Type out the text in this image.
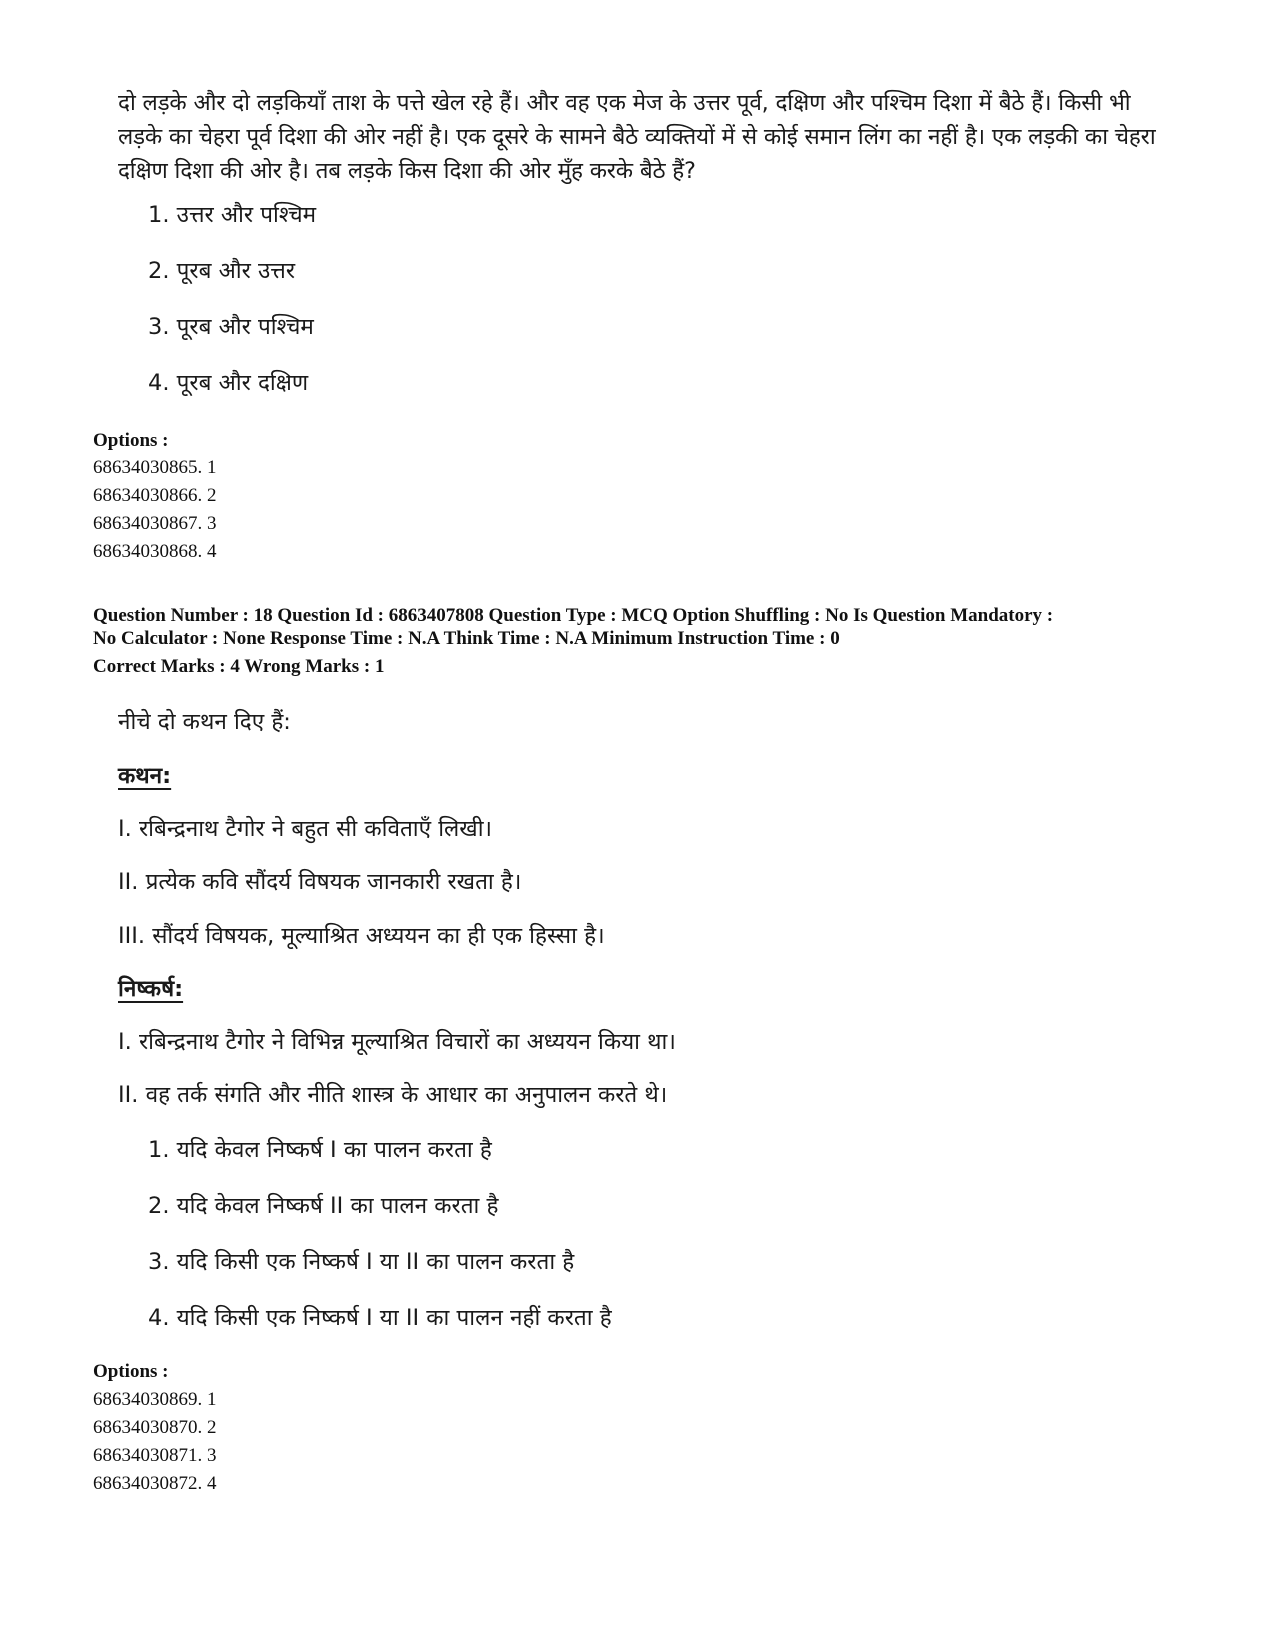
दो लड़के और दो लड़कियाँ ताश के पत्ते खेल रहे हैं। और वह एक मेज के उत्तर पूर्व, दक्षिण और पश्चिम दिशा में बैठे हैं। किसी भी लड़के का चेहरा पूर्व दिशा की ओर नहीं है। एक दूसरे के सामने बैठे व्यक्तियों में से कोई समान लिंग का नहीं है। एक लड़की का चेहरा दक्षिण दिशा की ओर है। तब लड़के किस दिशा की ओर मुँह करके बैठे हैं?
1. उत्तर और पश्चिम
2. पूरब और उत्तर
3. पूरब और पश्चिम
4. पूरब और दक्षिण
Options :
68634030865. 1
68634030866. 2
68634030867. 3
68634030868. 4
Question Number : 18 Question Id : 6863407808 Question Type : MCQ Option Shuffling : No Is Question Mandatory :
No Calculator : None Response Time : N.A Think Time : N.A Minimum Instruction Time : 0
Correct Marks : 4 Wrong Marks : 1
नीचे दो कथन दिए हैं:
कथन:
I. रबिन्द्रनाथ टैगोर ने बहुत सी कविताएँ लिखी।
II. प्रत्येक कवि सौंदर्य विषयक जानकारी रखता है।
III. सौंदर्य विषयक, मूल्याश्रित अध्ययन का ही एक हिस्सा है।
निष्कर्ष:
I. रबिन्द्रनाथ टैगोर ने विभिन्न मूल्याश्रित विचारों का अध्ययन किया था।
II. वह तर्क संगति और नीति शास्त्र के आधार का अनुपालन करते थे।
1. यदि केवल निष्कर्ष I का पालन करता है
2. यदि केवल निष्कर्ष II का पालन करता है
3. यदि किसी एक निष्कर्ष I या II का पालन करता है
4. यदि किसी एक निष्कर्ष I या II का पालन नहीं करता है
Options :
68634030869. 1
68634030870. 2
68634030871. 3
68634030872. 4
